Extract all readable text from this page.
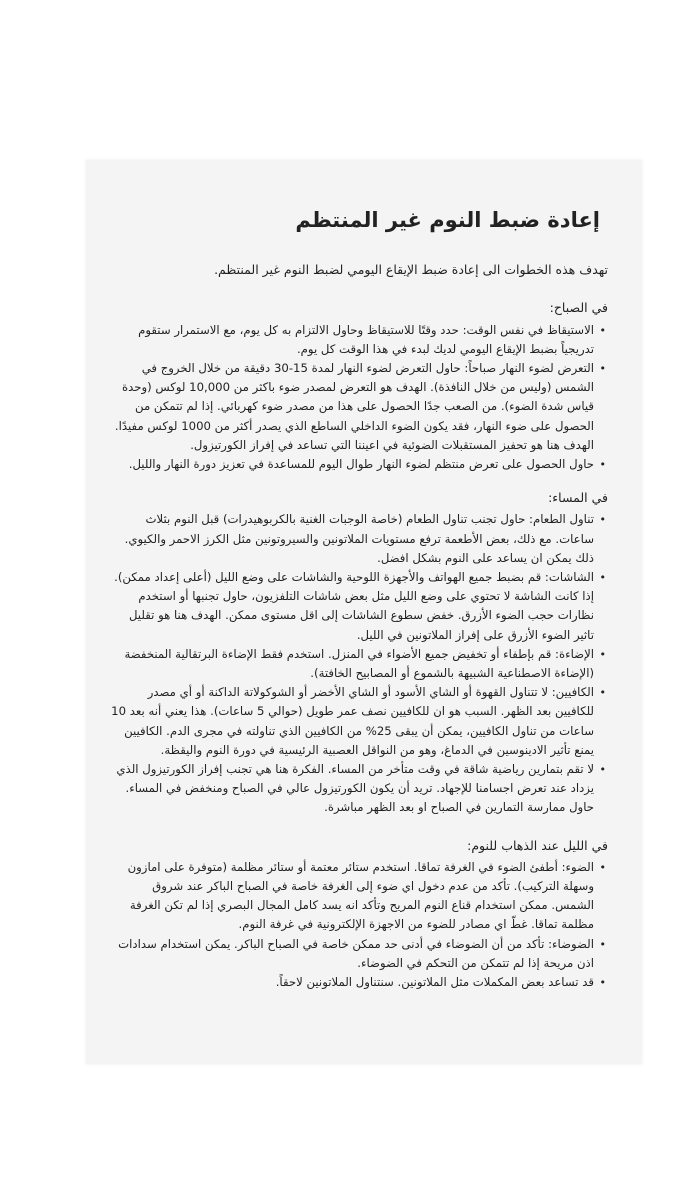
إعادة ضبط النوم غير المنتظم
تهدف هذه الخطوات الى إعادة ضبط الإيقاع اليومي لضبط النوم غير المنتظم.
في الصباح:
•
الاستيقاظ في نفس الوقت: حدد وقتًا للاستيقاظ وحاول الالتزام به كل يوم، مع الاستمرار ستقوم تدريجياً بضبط الإيقاع اليومي لديك لبدء في هذا الوقت كل يوم.
•
التعرض لضوء النهار صباحاً: حاول التعرض لضوء النهار لمدة 15-30 دقيقة من خلال الخروج في الشمس (وليس من خلال النافذة). الهدف هو التعرض لمصدر ضوء باكثر من 10,000 لوكس (وحدة قياس شدة الضوء). من الصعب جدًا الحصول على هذا من مصدر ضوء كهربائي. إذا لم تتمكن من الحصول على ضوء النهار، فقد يكون الضوء الداخلي الساطع الذي يصدر أكثر من 1000 لوكس مفيدًا. الهدف هنا هو تحفيز المستقبلات الضوئية في اعيننا التي تساعد في إفراز الكورتيزول.
•
حاول الحصول على تعرض منتظم لضوء النهار طوال اليوم للمساعدة في تعزيز دورة النهار والليل.
في المساء:
•
تناول الطعام: حاول تجنب تناول الطعام (خاصة الوجبات الغنية بالكربوهيدرات) قبل النوم بثلاث ساعات. مع ذلك، بعض الأطعمة ترفع مستويات الملاتونين والسيروتونين مثل الكرز الاحمر والكيوي. ذلك يمكن ان يساعد على النوم بشكل افضل.
•
الشاشات: قم بضبط جميع الهواتف والأجهزة اللوحية والشاشات على وضع الليل (أعلى إعداد ممكن). إذا كانت الشاشة لا تحتوي على وضع الليل مثل بعض شاشات التلفزيون، حاول تجنبها أو استخدم نظارات حجب الضوء الأزرق. خفض سطوع الشاشات إلى اقل مستوى ممكن. الهدف هنا هو تقليل تاثير الضوء الأزرق على إفراز الملاتونين في الليل.
•
الإضاءة: قم بإطفاء أو تخفيض جميع الأضواء في المنزل. استخدم فقط الإضاءة البرتقالية المنخفضة (الإضاءة الاصطناعية الشبيهة بالشموع أو المصابيح الخافتة).
•
الكافيين: لا تتناول القهوة أو الشاي الأسود أو الشاي الأخضر أو الشوكولاتة الداكنة أو أي مصدر للكافيين بعد الظهر. السبب هو ان للكافيين نصف عمر طويل (حوالي 5 ساعات). هذا يعني أنه بعد 10 ساعات من تناول الكافيين، يمكن أن يبقى 25% من الكافيين الذي تناولته في مجرى الدم. الكافيين يمنع تأثير الادينوسين في الدماغ، وهو من النواقل العصبية الرئيسية في دورة النوم واليقظة.
•
لا تقم بتمارين رياضية شاقة في وقت متأخر من المساء. الفكرة هنا هي تجنب إفراز الكورتيزول الذي يزداد عند تعرض اجسامنا للإجهاد. تريد أن يكون الكورتيزول عالي في الصباح ومنخفض في المساء. حاول ممارسة التمارين في الصباح او بعد الظهر مباشرة.
في الليل عند الذهاب للنوم:
•
الضوء: أطفئ الضوء في الغرفة تماقا. استخدم ستائر معتمة أو ستائر مظلمة (متوفرة على امازون وسهلة التركيب). تأكد من عدم دخول اي ضوء إلى الغرفة خاصة في الصباح الباكر عند شروق الشمس. ممكن استخدام قناع النوم المريح وتأكد انه يسد كامل المجال البصري إذا لم تكن الغرفة مظلمة تماقا. غطّ اي مصادر للضوء من الاجهزة الإلكترونية في غرفة النوم.
•
الضوضاء: تأكد من أن الضوضاء في أدنى حد ممكن خاصة في الصباح الباكر. يمكن استخدام سدادات اذن مريحة إذا لم تتمكن من التحكم في الضوضاء.
•
قد تساعد بعض المكملات مثل الملاتونين. سنتناول الملاتونين لاحقاً.
